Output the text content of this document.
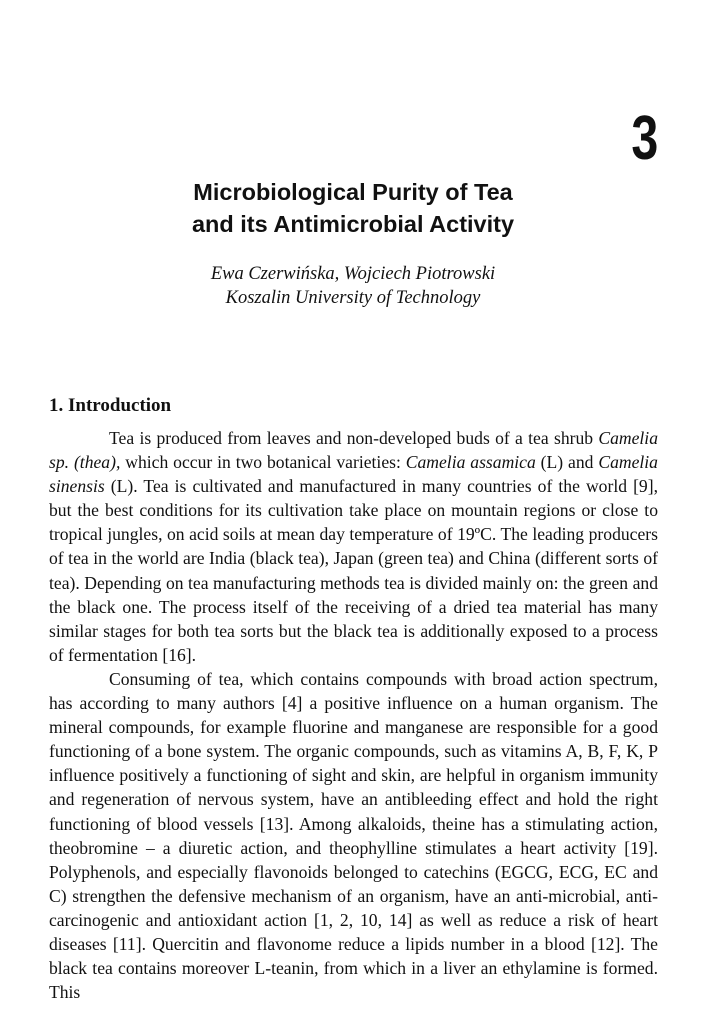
3
Microbiological Purity of Tea
and its Antimicrobial Activity
Ewa Czerwińska, Wojciech Piotrowski
Koszalin University of Technology
1. Introduction

Tea is produced from leaves and non-developed buds of a tea shrub Camelia sp. (thea), which occur in two botanical varieties: Camelia assamica (L) and Camelia sinensis (L). Tea is cultivated and manufactured in many countries of the world [9], but the best conditions for its cultivation take place on mountain regions or close to tropical jungles, on acid soils at mean day temperature of 19ºC. The leading producers of tea in the world are India (black tea), Japan (green tea) and China (different sorts of tea). Depending on tea manufacturing methods tea is divided mainly on: the green and the black one. The process itself of the receiving of a dried tea material has many similar stages for both tea sorts but the black tea is additionally exposed to a process of fermentation [16].

Consuming of tea, which contains compounds with broad action spectrum, has according to many authors [4] a positive influence on a human organism. The mineral compounds, for example fluorine and manganese are responsible for a good functioning of a bone system. The organic compounds, such as vitamins A, B, F, K, P influence positively a functioning of sight and skin, are helpful in organism immunity and regeneration of nervous system, have an antibleeding effect and hold the right functioning of blood vessels [13]. Among alkaloids, theine has a stimulating action, theobromine – a diuretic action, and theophylline stimulates a heart activity [19]. Polyphenols, and especially flavonoids belonged to catechins (EGCG, ECG, EC and C) strengthen the defensive mechanism of an organism, have an anti-microbial, anti-carcinogenic and antioxidant action [1, 2, 10, 14] as well as reduce a risk of heart diseases [11]. Quercitin and flavonome reduce a lipids number in a blood [12]. The black tea contains moreover L-teanin, from which in a liver an ethylamine is formed. This
